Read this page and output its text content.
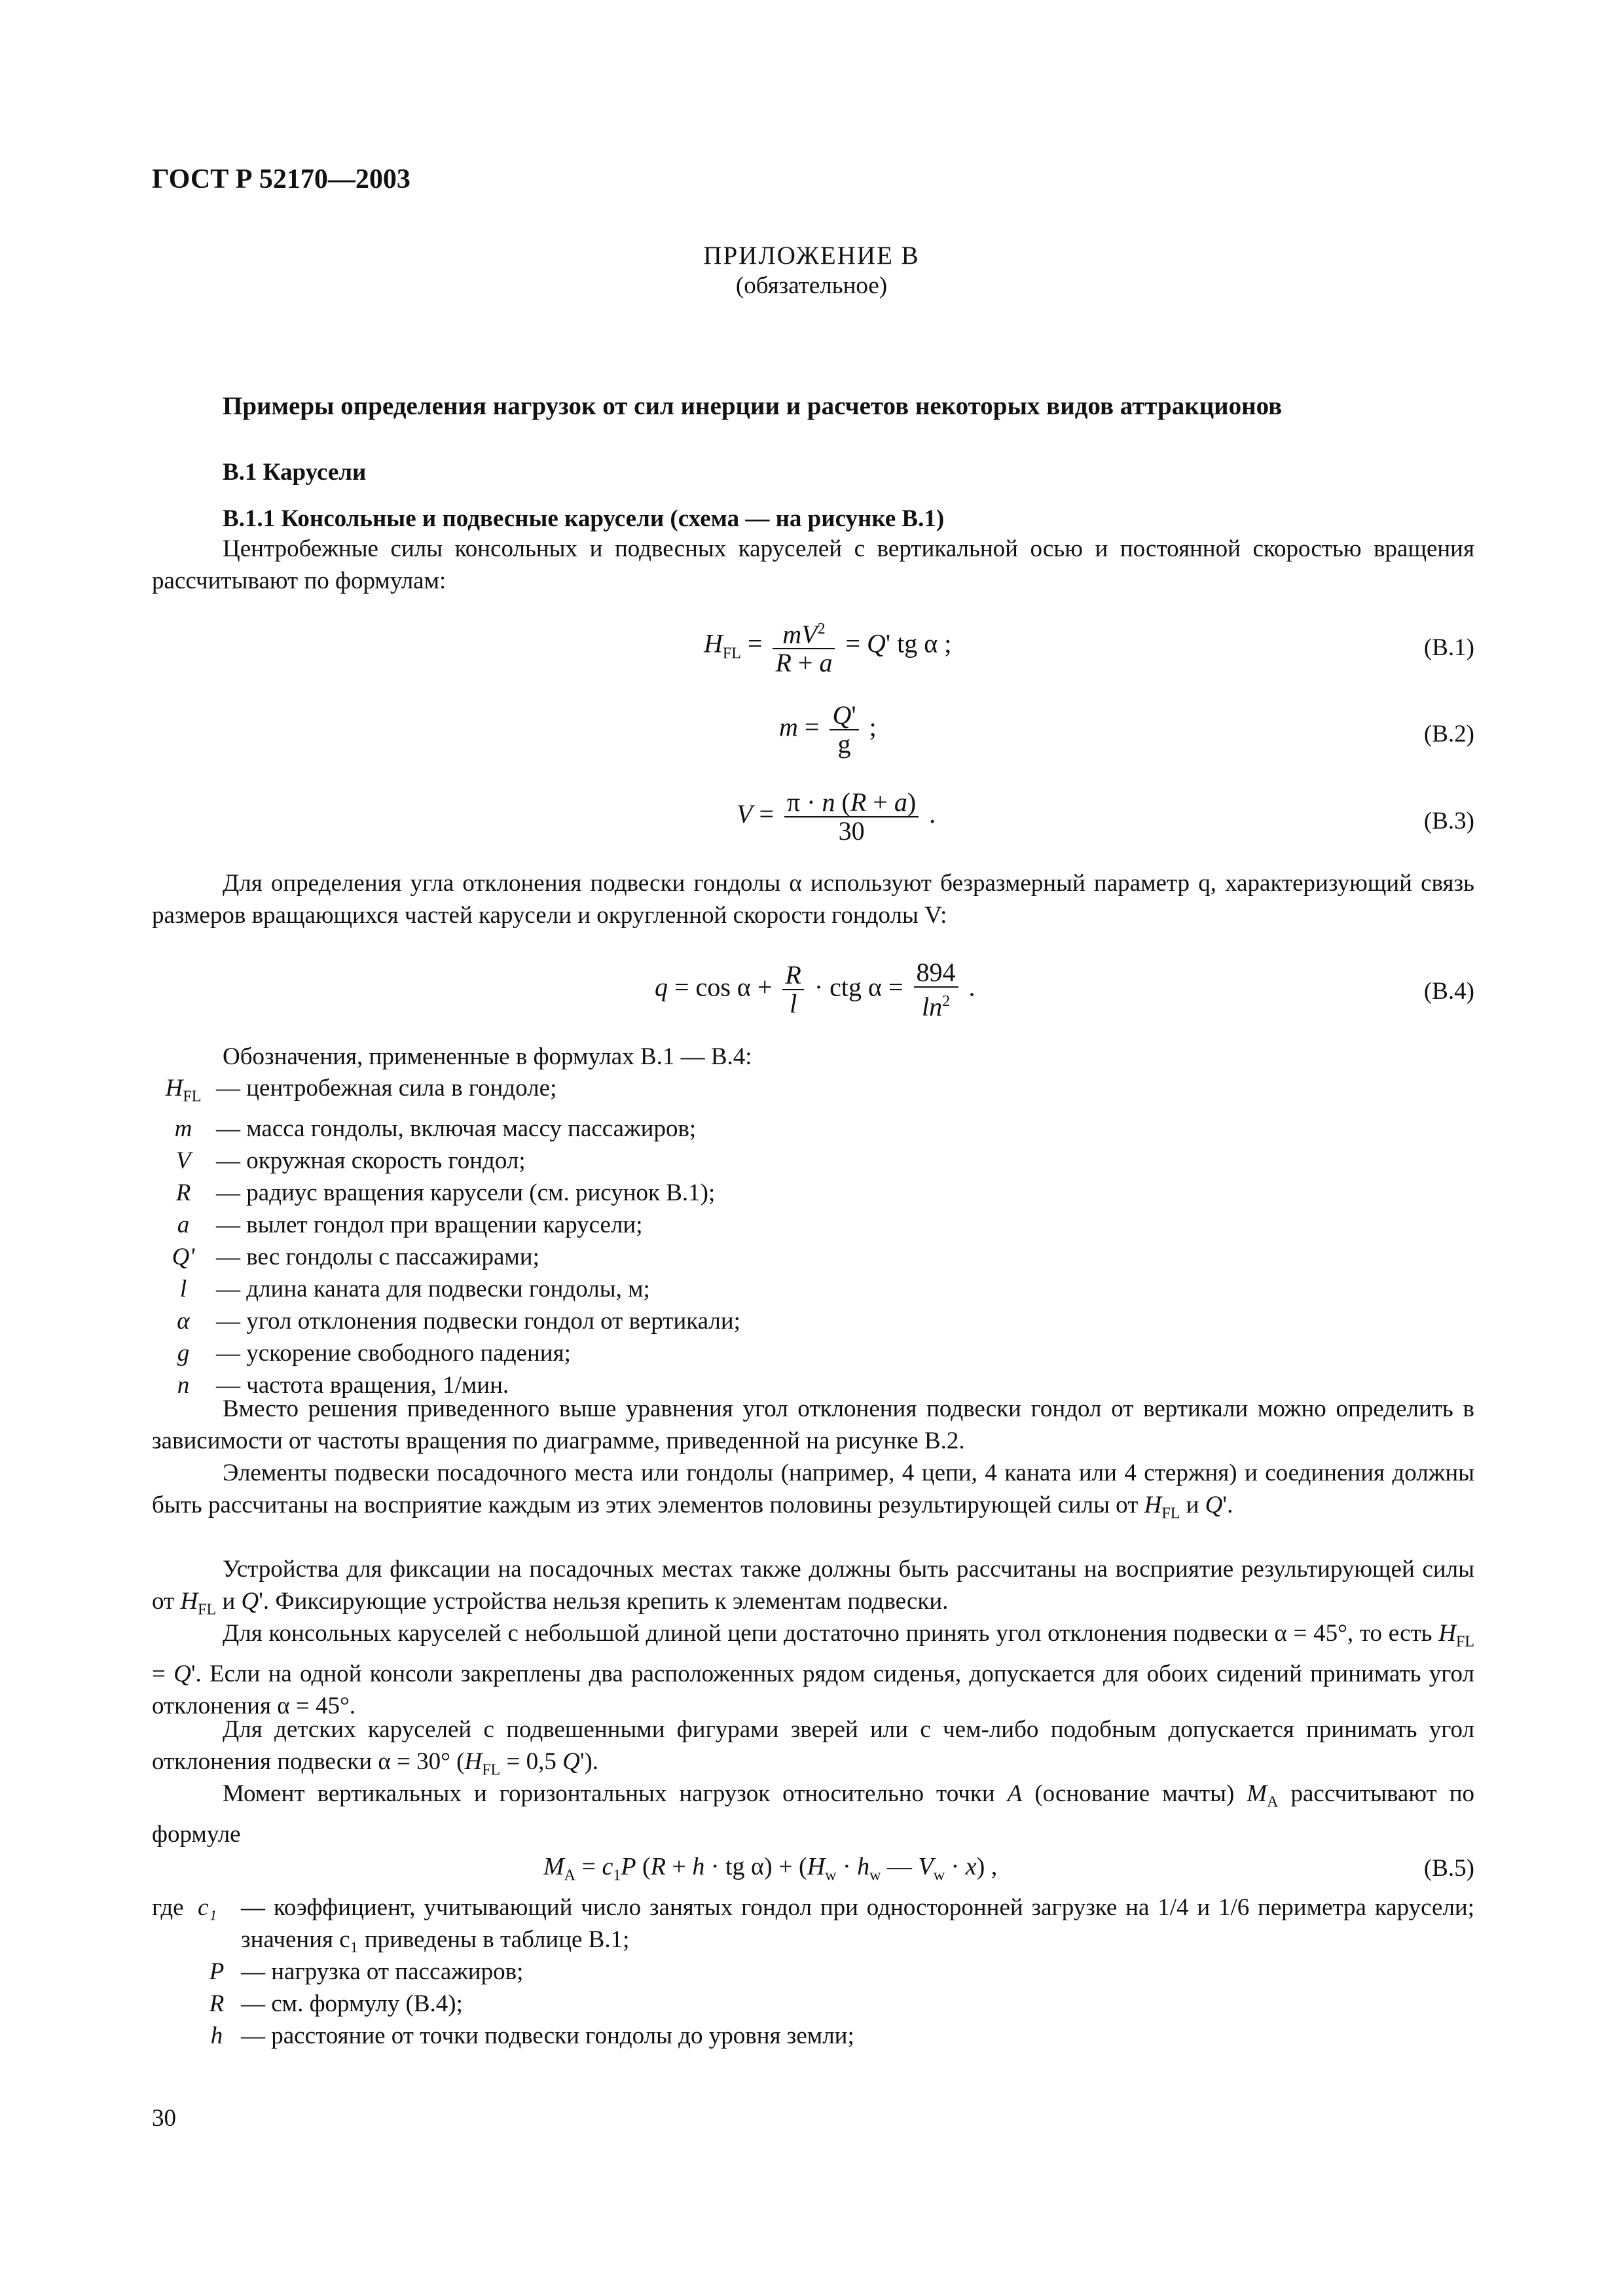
ГОСТ Р 52170—2003
ПРИЛОЖЕНИЕ В
(обязательное)
Примеры определения нагрузок от сил инерции и расчетов некоторых видов аттракционов
В.1 Карусели
В.1.1 Консольные и подвесные карусели (схема — на рисунке В.1)
Центробежные силы консольных и подвесных каруселей с вертикальной осью и постоянной скоростью вращения рассчитывают по формулам:
$H_{FL} = \frac{mV^2}{R + a} = Q'$ tg α ;	(В.1)
$m = \frac{Q'}{g}$ ;	(В.2)
$V = \frac{\pi \cdot n (R + a)}{30}$ .	(В.3)
Для определения угла отклонения подвески гондолы α используют безразмерный параметр q, характеризующий связь размеров вращающихся частей карусели и округленной скорости гондолы V:
$q = \cos \alpha + \frac{R}{l}$ · ctg $\alpha = \frac{894}{\ln^2}$ .	(В.4)
Обозначения, примененные в формулах В.1 — В.4:
$H_{FL}$ — центробежная сила в гондоле;
m — масса гондолы, включая массу пассажиров;
V	— окружная скорость гондол;
R	— радиус вращения карусели (см. рисунок В.1);
a	— вылет гондол при вращении карусели;
Q' — вес гондолы с пассажирами;
l	— длина каната для подвески гондолы, м;
α	— угол отклонения подвески гондол от вертикали;
g	— ускорение свободного падения;
n	— частота вращения, 1/мин.
Вместо решения приведенного выше уравнения угол отклонения подвески гондол от вертикали можно определить в зависимости от частоты вращения по диаграмме, приведенной на рисунке В.2.
Элементы подвески посадочного места или гондолы (например, 4 цепи, 4 каната или 4 стержня) и соединения должны быть рассчитаны на восприятие каждым из этих элементов половины результирующей силы от $H_{FL}$ и Q'.
Устройства для фиксации на посадочных местах также должны быть рассчитаны на восприятие результирующей силы от $H_{FL}$ и Q'. Фиксирующие устройства нельзя крепить к элементам подвески.
Для консольных каруселей с небольшой длиной цепи достаточно принять угол отклонения подвески α = 45°, то есть $H_{FL} = Q'$. Если на одной консоли закреплены два расположенных рядом сиденья, допускается для обоих сидений принимать угол отклонения α = 45°.
Для детских каруселей с подвешенными фигурами зверей или с чем-либо подобным допускается принимать угол отклонения подвески α = 30° ($H_{FL} = 0,5$ Q').
Момент вертикальных и горизонтальных нагрузок относительно точки A (основание мачты) $M_A$ рассчитывают по формуле
$M_A = c_1P$ (R + h · tg $\alpha) + (H_w \cdot h_w$ — $V_w \cdot x$) ,	(В.5)
где c₁ — коэффициент, учитывающий число занятых гондол при односторонней загрузке на 1/4 и 1/6 периметра карусели; значения c₁ приведены в таблице В.1;
P — нагрузка от пассажиров;
R — см. формулу (В.4);
h — расстояние от точки подвески гондолы до уровня земли;
30
